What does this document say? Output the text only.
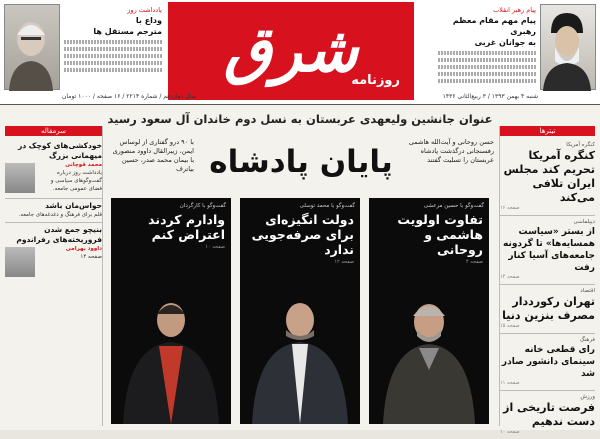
یادداشت روز
وداع با
مترجم مستقل ها شرق
روزنامه
پیام رهبر انقلاب
پیام مهم مقام معظم رهبری
به جوانان غربی
شنبه ۴ بهمن ۱۳۹۳ / ۳ ربیع‌الثانی ۱۴۳۶
سال دوازدهم / شماره ۲۲۱۴ / ۱۶ صفحه / ۱۰۰۰ تومان
عنوان جانشین ولیعهدی عربستان به نسل دوم خاندان آل سعود رسید
پایان پادشاه
حسن روحانی و آیت‌الله هاشمی رفسنجانی درگذشت پادشاه عربستان را تسلیت گفتند
با ۹۰ درو گفتاری از لوساس ایمن، زیبرالقال داوود منصوری با بیمان محمد صدر، حسین بیاترف
گفت‌وگو با حسین مرعشی
تفاوت اولویت هاشمی و روحانی
صفحه ۴
گفت‌وگو با محمد توسلی
دولت انگیزه‌ای برای صرفه‌جویی ندارد
صفحه ۱۲
گفت‌وگو با کارگردان
وادارم کردند اعتراض کنم
صفحه ۱۰
تیترها
کنگره آمریکا
کنگره آمریکا تحریم کند مجلس ایران تلافی می‌کند
صفحه ۱۶
دیپلماسی
از بستر «سیاست همسایه‌ها» تا گردونه جامعه‌های آسیا کنار رفت
صفحه ۱۴
اقتصاد
تهران رکورددار مصرف بنزین دنیا
صفحه ۱۵
فرهنگ
رای قطعی خانه سینمای دانشور صادر شد
صفحه ۱۱
ورزش
فرصت تاریخی از دست ندهیم
صفحه ۱۰
سرمقاله
خودکشی‌های کوچک در میهمانی بزرگ
محمد قوچانی
یادداشت روز درباره گفت‌وگوهای سیاسی و فضای عمومی جامعه.
حواس‌مان باشد
قلم برای فرهنگ و دغدغه‌های جامعه.
بنیچو جمع شدن فروریخته‌های رفراندوم
داوود بهرامی
صفحه ۱۴
